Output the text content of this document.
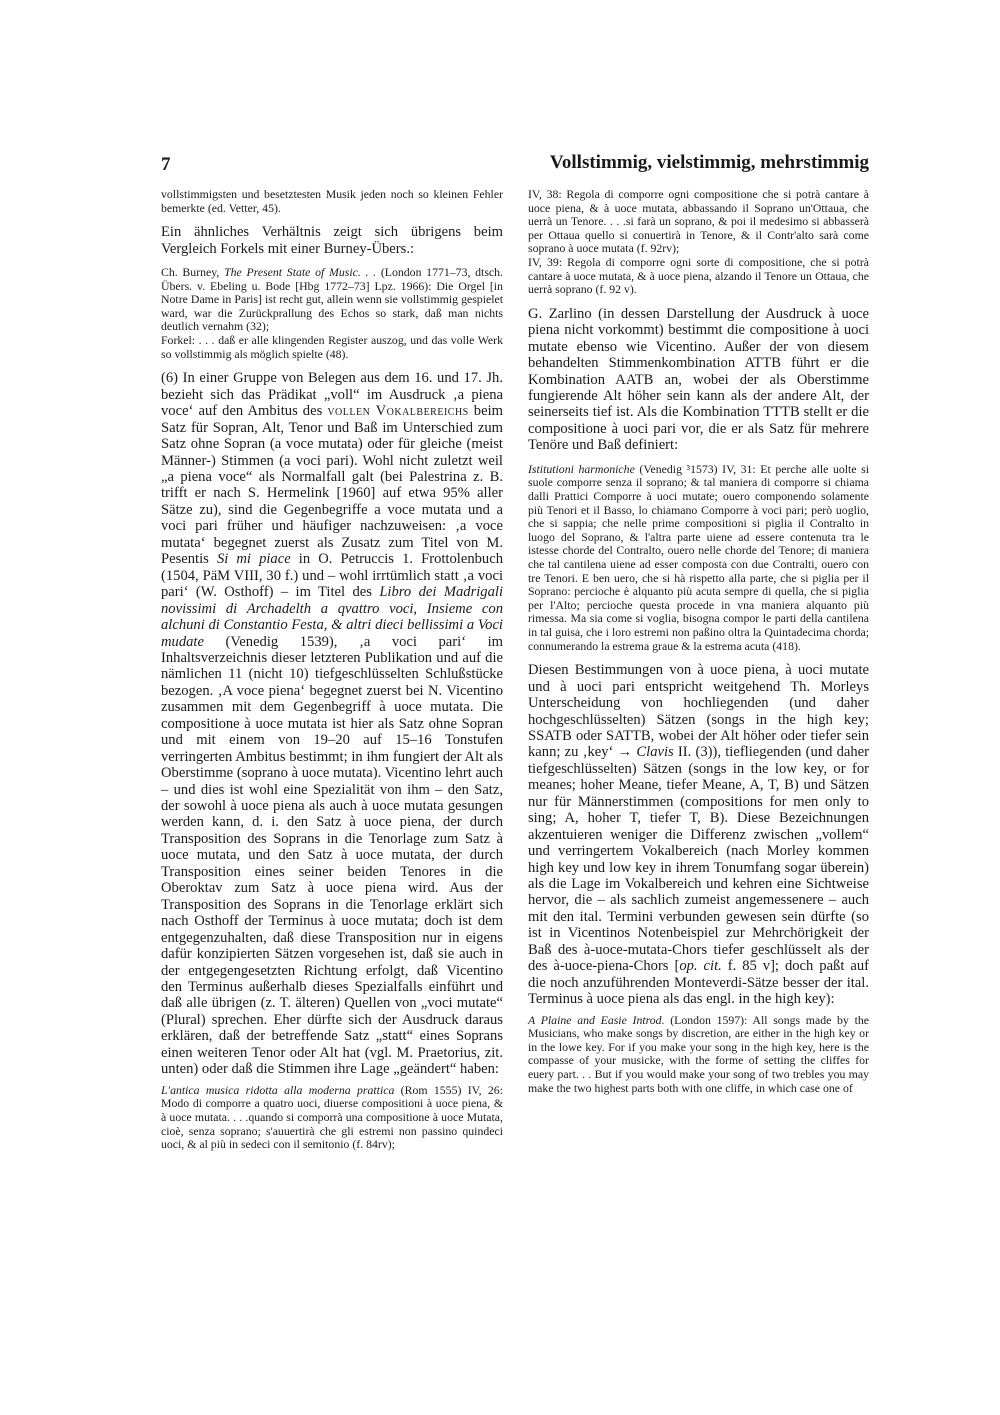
7	Vollstimmig, vielstimmig, mehrstimmig

vollstimmigsten und besetztesten Musik jeden noch so kleinen Fehler bemerkte (ed. Vetter, 45).

Ein ähnliches Verhältnis zeigt sich übrigens beim Vergleich Forkels mit einer Burney-Übers.:

Ch. Burney, The Present State of Music. . . (London 1771–73, dtsch. Übers. v. Ebeling u. Bode [Hbg 1772–73] Lpz. 1966): Die Orgel [in Notre Dame in Paris] ist recht gut, allein wenn sie vollstimmig gespielet ward, war die Zurückprallung des Echos so stark, daß man nichts deutlich vernahm (32);

Forkel: . . . daß er alle klingenden Register auszog, und das volle Werk so vollstimmig als möglich spielte (48).

(6) In einer Gruppe von Belegen aus dem 16. und 17. Jh. bezieht sich das Prädikat „voll“ im Ausdruck ‚a piena voce‘ auf den Ambitus des vollen Vokalbereichs beim Satz für Sopran, Alt, Tenor und Baß im Unterschied zum Satz ohne Sopran (a voce mutata) oder für gleiche (meist Männer-) Stimmen (a voci pari). Wohl nicht zuletzt weil „a piena voce“ als Normalfall galt (bei Palestrina z. B. trifft er nach S. Hermelink [1960] auf etwa 95% aller Sätze zu), sind die Gegenbegriffe a voce mutata und a voci pari früher und häufiger nachzuweisen: ‚a voce mutata‘ begegnet zuerst als Zusatz zum Titel von M. Pesentis Si mi piace in O. Petruccis 1. Frottolenbuch (1504, PäM VIII, 30 f.) und – wohl irrtümlich statt ‚a voci pari‘ (W. Osthoff) – im Titel des Libro dei Madrigali novissimi di Archadelth a qvattro voci, Insieme con alchuni di Constantio Festa, & altri dieci bellissimi a Voci mudate (Venedig 1539), ‚a voci pari‘ im Inhaltsverzeichnis dieser letzteren Publikation und auf die nämlichen 11 (nicht 10) tiefgeschlüsselten Schlußstücke bezogen. ‚A voce piena‘ begegnet zuerst bei N. Vicentino zusammen mit dem Gegenbegriff à uoce mutata. Die compositione à uoce mutata ist hier als Satz ohne Sopran und mit einem von 19–20 auf 15–16 Tonstufen verringerten Ambitus bestimmt; in ihm fungiert der Alt als Oberstimme (soprano à uoce mutata). Vicentino lehrt auch – und dies ist wohl eine Spezialität von ihm – den Satz, der sowohl à uoce piena als auch à uoce mutata gesungen werden kann, d. i. den Satz à uoce piena, der durch Transposition des Soprans in die Tenorlage zum Satz à uoce mutata, und den Satz à uoce mutata, der durch Transposition eines seiner beiden Tenores in die Oberoktav zum Satz à uoce piena wird. Aus der Transposition des Soprans in die Tenorlage erklärt sich nach Osthoff der Terminus à uoce mutata; doch ist dem entgegenzuhalten, daß diese Transposition nur in eigens dafür konzipierten Sätzen vorgesehen ist, daß sie auch in der entgegengesetzten Richtung erfolgt, daß Vicentino den Terminus außerhalb dieses Spezialfalls einführt und daß alle übrigen (z. T. älteren) Quellen von „voci mutate“ (Plural) sprechen. Eher dürfte sich der Ausdruck daraus erklären, daß der betreffende Satz „statt“ eines Soprans einen weiteren Tenor oder Alt hat (vgl. M. Praetorius, zit. unten) oder daß die Stimmen ihre Lage „geändert“ haben:

L'antica musica ridotta alla moderna prattica (Rom 1555) IV, 26: Modo di comporre a quatro uoci, diuerse compositioni à uoce piena, & à uoce mutata. . . .quando si comporrà una compositione à uoce Mutata, cioè, senza soprano; s'auuertirà che gli estremi non passino quindeci uoci, & al più in sedeci con il semitonio (f. 84rv);

IV, 38: Regola di comporre ogni compositione che si potrà cantare à uoce piena, & à uoce mutata, abbassando il Soprano un'Ottaua, che uerrà un Tenore. . . .si farà un soprano, & poi il medesimo si abbasserà per Ottaua quello si conuertirà in Tenore, & il Contr'alto sarà come soprano à uoce mutata (f. 92rv);

IV, 39: Regola di comporre ogni sorte di compositione, che si potrà cantare à uoce mutata, & à uoce piena, alzando il Tenore un Ottaua, che uerrà soprano (f. 92 v).

G. Zarlino (in dessen Darstellung der Ausdruck à uoce piena nicht vorkommt) bestimmt die compositione à uoci mutate ebenso wie Vicentino. Außer der von diesem behandelten Stimmenkombination ATTB führt er die Kombination AATB an, wobei der als Oberstimme fungierende Alt höher sein kann als der andere Alt, der seinerseits tief ist. Als die Kombination TTTB stellt er die compositione à uoci pari vor, die er als Satz für mehrere Tenöre und Baß definiert:

Istitutioni harmoniche (Venedig ³1573) IV, 31: Et perche alle uolte si suole comporre senza il soprano; & tal maniera di comporre si chiama dalli Prattici Comporre à uoci mutate; ouero componendo solamente più Tenori et il Basso, lo chiamano Comporre à voci pari; però uoglio, che si sappia; che nelle prime compositioni si piglia il Contralto in luogo del Soprano, & l'altra parte uiene ad essere contenuta tra le istesse chorde del Contralto, ouero nelle chorde del Tenore; di maniera che tal cantilena uiene ad esser composta con due Contralti, ouero con tre Tenori. E ben uero, che si hà rispetto alla parte, che si piglia per il Soprano: percioche è alquanto più acuta sempre di quella, che si piglia per l'Alto; percioche questa procede in vna maniera alquanto più rimessa. Ma sia come si voglia, bisogna compor le parti della cantilena in tal guisa, che i loro estremi non paßino oltra la Quintadecima chorda; connumerando la estrema graue & la estrema acuta (418).

Diesen Bestimmungen von à uoce piena, à uoci mutate und à uoci pari entspricht weitgehend Th. Morleys Unterscheidung von hochliegenden (und daher hochgeschlüsselten) Sätzen (songs in the high key; SSATB oder SATTB, wobei der Alt höher oder tiefer sein kann; zu ‚key‘ → Clavis II. (3)), tiefliegenden (und daher tiefgeschlüsselten) Sätzen (songs in the low key, or for meanes; hoher Meane, tiefer Meane, A, T, B) und Sätzen nur für Männerstimmen (compositions for men only to sing; A, hoher T, tiefer T, B). Diese Bezeichnungen akzentuieren weniger die Differenz zwischen „vollem“ und verringertem Vokalbereich (nach Morley kommen high key und low key in ihrem Tonumfang sogar überein) als die Lage im Vokalbereich und kehren eine Sichtweise hervor, die – als sachlich zumeist angemessenere – auch mit den ital. Termini verbunden gewesen sein dürfte (so ist in Vicentinos Notenbeispiel zur Mehrchörigkeit der Baß des à-uoce-mutata-Chors tiefer geschlüsselt als der des à-uoce-piena-Chors [op. cit. f. 85 v]; doch paßt auf die noch anzuführenden Monteverdi-Sätze besser der ital. Terminus à uoce piena als das engl. in the high key):

A Plaine and Easie Introd. (London 1597): All songs made by the Musicians, who make songs by discretion, are either in the high key or in the lowe key. For if you make your song in the high key, here is the compasse of your musicke, with the forme of setting the cliffes for euery part. . . But if you would make your song of two trebles you may make the two highest parts both with one cliffe, in which case one of
